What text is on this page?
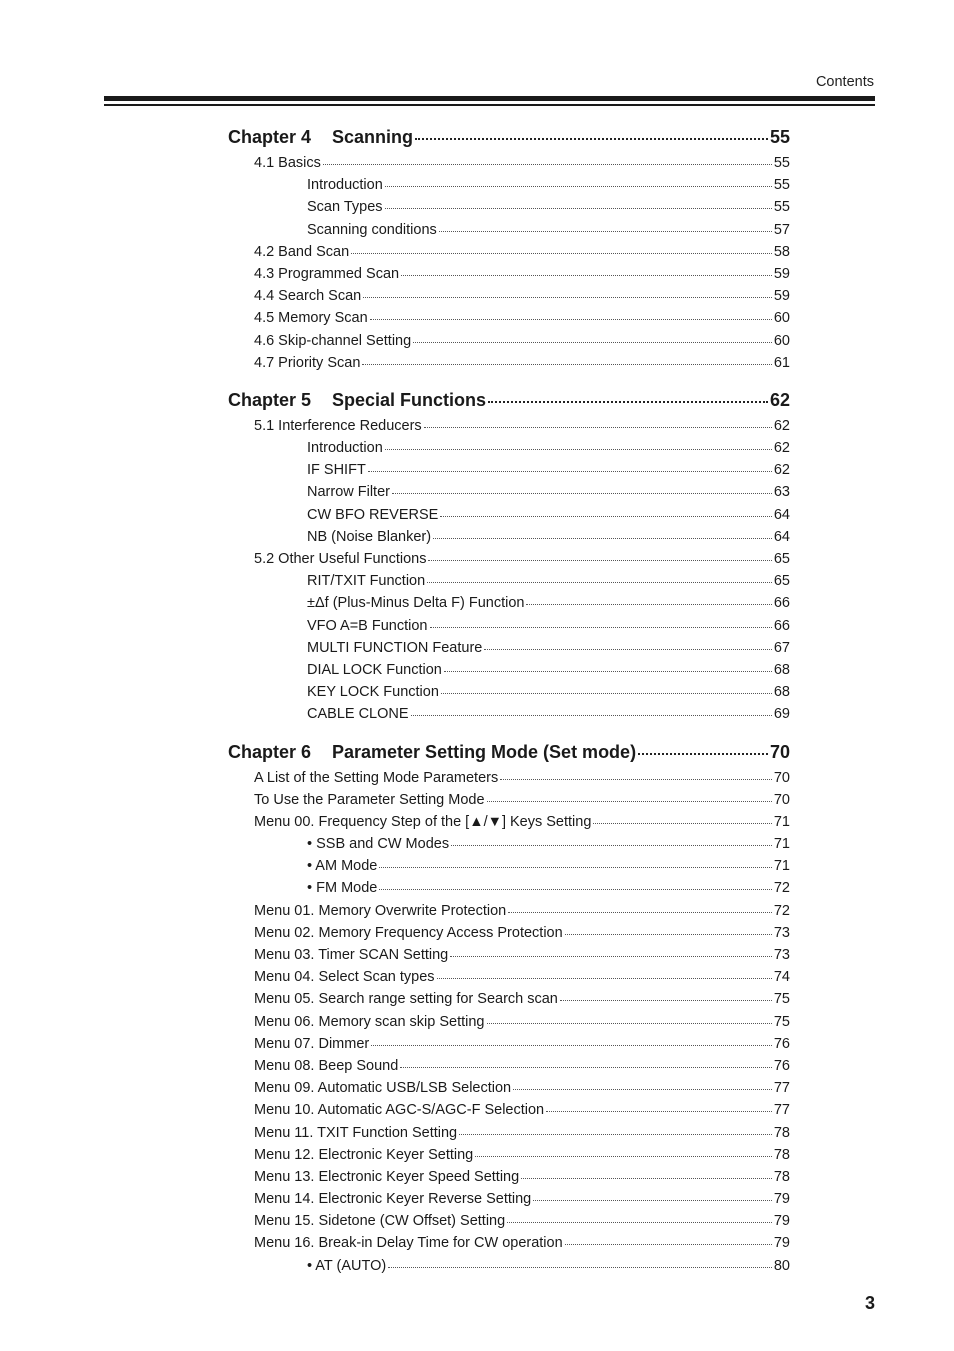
Contents
Chapter 4 Scanning	55
4.1 Basics	55
Introduction	55
Scan Types	55
Scanning conditions	57
4.2 Band Scan	58
4.3 Programmed Scan	59
4.4 Search Scan	59
4.5 Memory Scan	60
4.6 Skip-channel Setting	60
4.7 Priority Scan	61
Chapter 5 Special Functions	62
5.1 Interference Reducers	62
Introduction	62
IF SHIFT	62
Narrow Filter	63
CW BFO REVERSE	64
NB (Noise Blanker)	64
5.2 Other Useful Functions	65
RIT/TXIT Function	65
±Δf (Plus-Minus Delta F) Function	66
VFO A=B Function	66
MULTI FUNCTION Feature	67
DIAL LOCK Function	68
KEY LOCK Function	68
CABLE CLONE	69
Chapter 6 Parameter Setting Mode (Set mode)	70
A List of the Setting Mode Parameters	70
To Use the Parameter Setting Mode	70
Menu 00. Frequency Step of the [▲/▼] Keys Setting	71
• SSB and CW Modes	71
• AM Mode	71
• FM Mode	72
Menu 01. Memory Overwrite Protection	72
Menu 02. Memory Frequency Access Protection	73
Menu 03. Timer SCAN Setting	73
Menu 04. Select Scan types	74
Menu 05. Search range setting for Search scan	75
Menu 06. Memory scan skip Setting	75
Menu 07. Dimmer	76
Menu 08. Beep Sound	76
Menu 09. Automatic USB/LSB Selection	77
Menu 10. Automatic AGC-S/AGC-F Selection	77
Menu 11. TXIT Function Setting	78
Menu 12. Electronic Keyer Setting	78
Menu 13. Electronic Keyer Speed Setting	78
Menu 14. Electronic Keyer Reverse Setting	79
Menu 15. Sidetone (CW Offset) Setting	79
Menu 16. Break-in Delay Time for CW operation	79
• AT (AUTO)	80
3
